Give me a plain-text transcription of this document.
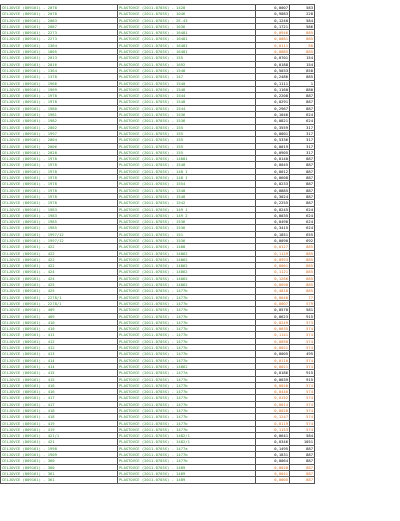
CELJOVCE (809161) - 2078	PLASTOVCE (2011-0703S) - 1428	0,0007	583
CELJOVCE (809161) - 2078	PLASTOVCE (2011-0703S) - 1046	0,9083	228
CELJOVCE (809161) - 2083	PLASTOVCE (2011-0703S) - 2E-43	0,1240	584
CELJOVCE (809161) - 2087	PLASTOVCE (2011-0703S) - 1636	0,1721	586
CELJOVCE (809161) - 2273	PLASTOVCE (2011-0703S) - 16481	0,0946	885
CELJOVCE (809161) - 2273	PLASTOVCE (2011-0703S) - 16481	0,0081	885
CELJOVCE (809161) - 1364	PLASTOVCE (2011-0703S) - 16481	0,0111	88
CELJOVCE (809161) - 1805	PLASTOVCE (2011-0703S) - 16481	0,0085	885
CELJOVCE (809161) - 2013	PLASTOVCE (2011-0703S) - 155	0,0701	154
CELJOVCE (809161) - 2016	PLASTOVCE (2011-0703S) - 1692	0,0188	154
CELJOVCE (809161) - 1364	PLASTOVCE (2011-0703S) - 1548	0,5033	858
CELJOVCE (809161) - 1378	PLASTOVCE (2011-0703S) - 147	0,2486	885
CELJOVCE (809161) - 1966	PLASTOVCE (2011-0703S) - 1540	0,1111	1
CELJOVCE (809161) - 1969	PLASTOVCE (2011-0703S) - 1548	0,1160	880
CELJOVCE (809161) - 1978	PLASTOVCE (2011-0703S) - 1544	0,2208	887
CELJOVCE (809161) - 1978	PLASTOVCE (2011-0703S) - 1548	0,0291	887
CELJOVCE (809161) - 1980	PLASTOVCE (2011-0703S) - 1544	0,2967	887
CELJOVCE (809161) - 1981	PLASTOVCE (2011-0703S) - 1536	0,1046	624
CELJOVCE (809161) - 1982	PLASTOVCE (2011-0703S) - 1536	0,0821	624
CELJOVCE (809161) - 2002	PLASTOVCE (2011-0703S) - 155	0,3559	317
CELJOVCE (809161) - 1997	PLASTOVCE (2011-0703S) - 155	0,0001	317
CELJOVCE (809161) - 2004	PLASTOVCE (2011-0703S) - 155	0,5336	317
CELJOVCE (809161) - 2006	PLASTOVCE (2011-0703S) - 155	0,0019	317
CELJOVCE (809161) - 2028	PLASTOVCE (2011-0703S) - 155	0,0905	317
CELJOVCE (809161) - 1978	PLASTOVCE (2011-0703S) - 14881	0,0140	887
CELJOVCE (809161) - 1978	PLASTOVCE (2011-0703S) - 1548	0,0045	887
CELJOVCE (809161) - 1978	PLASTOVCE (2011-0703S) - 148 1	0,0012	887
CELJOVCE (809161) - 1978	PLASTOVCE (2011-0703S) - 148 1	0,0608	887
CELJOVCE (809161) - 1978	PLASTOVCE (2011-0703S) - 1554	0,0233	887
CELJOVCE (809161) - 1978	PLASTOVCE (2011-0703S) - 1548	0,0885	887
CELJOVCE (809161) - 1978	PLASTOVCE (2011-0703S) - 1548	0,3024	887
CELJOVCE (809161) - 1978	PLASTOVCE (2011-0703S) - 1542	0,2255	887
CELJOVCE (809161) - 1983	PLASTOVCE (2011-0703S) - 149 1	0,0245	624
CELJOVCE (809161) - 1983	PLASTOVCE (2011-0703S) - 149 2	0,0035	624
CELJOVCE (809161) - 1985	PLASTOVCE (2011-0703S) - 1536	0,0490	624
CELJOVCE (809161) - 1985	PLASTOVCE (2011-0703S) - 1536	0,3415	624
CELJOVCE (809161) - 1997/12	PLASTOVCE (2011-0703S) - 151	0,1851	655
CELJOVCE (809161) - 1997/12	PLASTOVCE (2011-0703S) - 1536	0,0090	692
CELJOVCE (809161) - 422	PLASTOVCE (2011-0703S) - 1488	0,0127	885
CELJOVCE (809161) - 422	PLASTOVCE (2011-0703S) - 14862	0,1129	885
CELJOVCE (809161) - 422	PLASTOVCE (2011-0703S) - 14862	0,0953	885
CELJOVCE (809161) - 422	PLASTOVCE (2011-0703S) - 14862	0,0061	885
CELJOVCE (809161) - 424	PLASTOVCE (2011-0703S) - 14862	0,1121	885
CELJOVCE (809161) - 424	PLASTOVCE (2011-0703S) - 14862	0,1266	885
CELJOVCE (809161) - 425	PLASTOVCE (2011-0703S) - 14862	0,0098	885
CELJOVCE (809161) - 425	PLASTOVCE (2011-0703S) - 1477b	0,4818	885
CELJOVCE (809161) - 2278/1	PLASTOVCE (2011-0703S) - 1477b	0,0040	77
CELJOVCE (809161) - 2278/1	PLASTOVCE (2011-0703S) - 1477b	0,0007	579
CELJOVCE (809161) - 409	PLASTOVCE (2011-0703S) - 1477b	0,0570	581
CELJOVCE (809161) - 409	PLASTOVCE (2011-0703S) - 1477b	0,0623	915
CELJOVCE (809161) - 410	PLASTOVCE (2011-0703S) - 1477b	0,0249	573
CELJOVCE (809161) - 410	PLASTOVCE (2011-0703S) - 1477b	0,0035	574
CELJOVCE (809161) - 411	PLASTOVCE (2011-0703S) - 1477b	0,1141	574
CELJOVCE (809161) - 412	PLASTOVCE (2011-0703S) - 1477b	0,0058	574
CELJOVCE (809161) - 412	PLASTOVCE (2011-0703S) - 1477b	0,0021	574
CELJOVCE (809161) - 413	PLASTOVCE (2011-0703S) - 1477b	0,0005	495
CELJOVCE (809161) - 414	PLASTOVCE (2011-0703S) - 1477b	0,0110	574
CELJOVCE (809161) - 414	PLASTOVCE (2011-0703S) - 14862	0,0021	574
CELJOVCE (809161) - 415	PLASTOVCE (2011-0703S) - 1477a	0,0186	915
CELJOVCE (809161) - 415	PLASTOVCE (2011-0703S) - 1477b	0,0039	915
CELJOVCE (809161) - 416	PLASTOVCE (2011-0703S) - 1477b	0,0020	574
CELJOVCE (809161) - 416	PLASTOVCE (2011-0703S) - 1477b	0,0440	574
CELJOVCE (809161) - 417	PLASTOVCE (2011-0703S) - 1477b	0,0152	574
CELJOVCE (809161) - 417	PLASTOVCE (2011-0703S) - 1477b	0,0014	574
CELJOVCE (809161) - 418	PLASTOVCE (2011-0703S) - 1477b	0,0028	574
CELJOVCE (809161) - 418	PLASTOVCE (2011-0703S) - 1477b	0,1247	574
CELJOVCE (809161) - 419	PLASTOVCE (2011-0703S) - 1477b	0,0119	574
CELJOVCE (809161) - 419	PLASTOVCE (2011-0703S) - 1477b	0,1153	574
CELJOVCE (809161) - 421/1	PLASTOVCE (2011-0703S) - 1482/1	0,0641	584
CELJOVCE (809161) - 421	PLASTOVCE (2011-0703S) - 1482/1	0,0346	1051
CELJOVCE (809161) - 1998	PLASTOVCE (2011-0703S) - 1477a	0,1495	887
CELJOVCE (809161) - 1909	PLASTOVCE (2011-0703S) - 1477b	0,1831	887
CELJOVCE (809161) - 360	PLASTOVCE (2011-0703S) - 1477b	0,0064	887
CELJOVCE (809161) - 360	PLASTOVCE (2011-0703S) - 1489	0,0020	887
CELJOVCE (809161) - 361	PLASTOVCE (2011-0703S) - 1489	0,0041	887
CELJOVCE (809161) - 361	PLASTOVCE (2011-0703S) - 1489	0,0005	887
